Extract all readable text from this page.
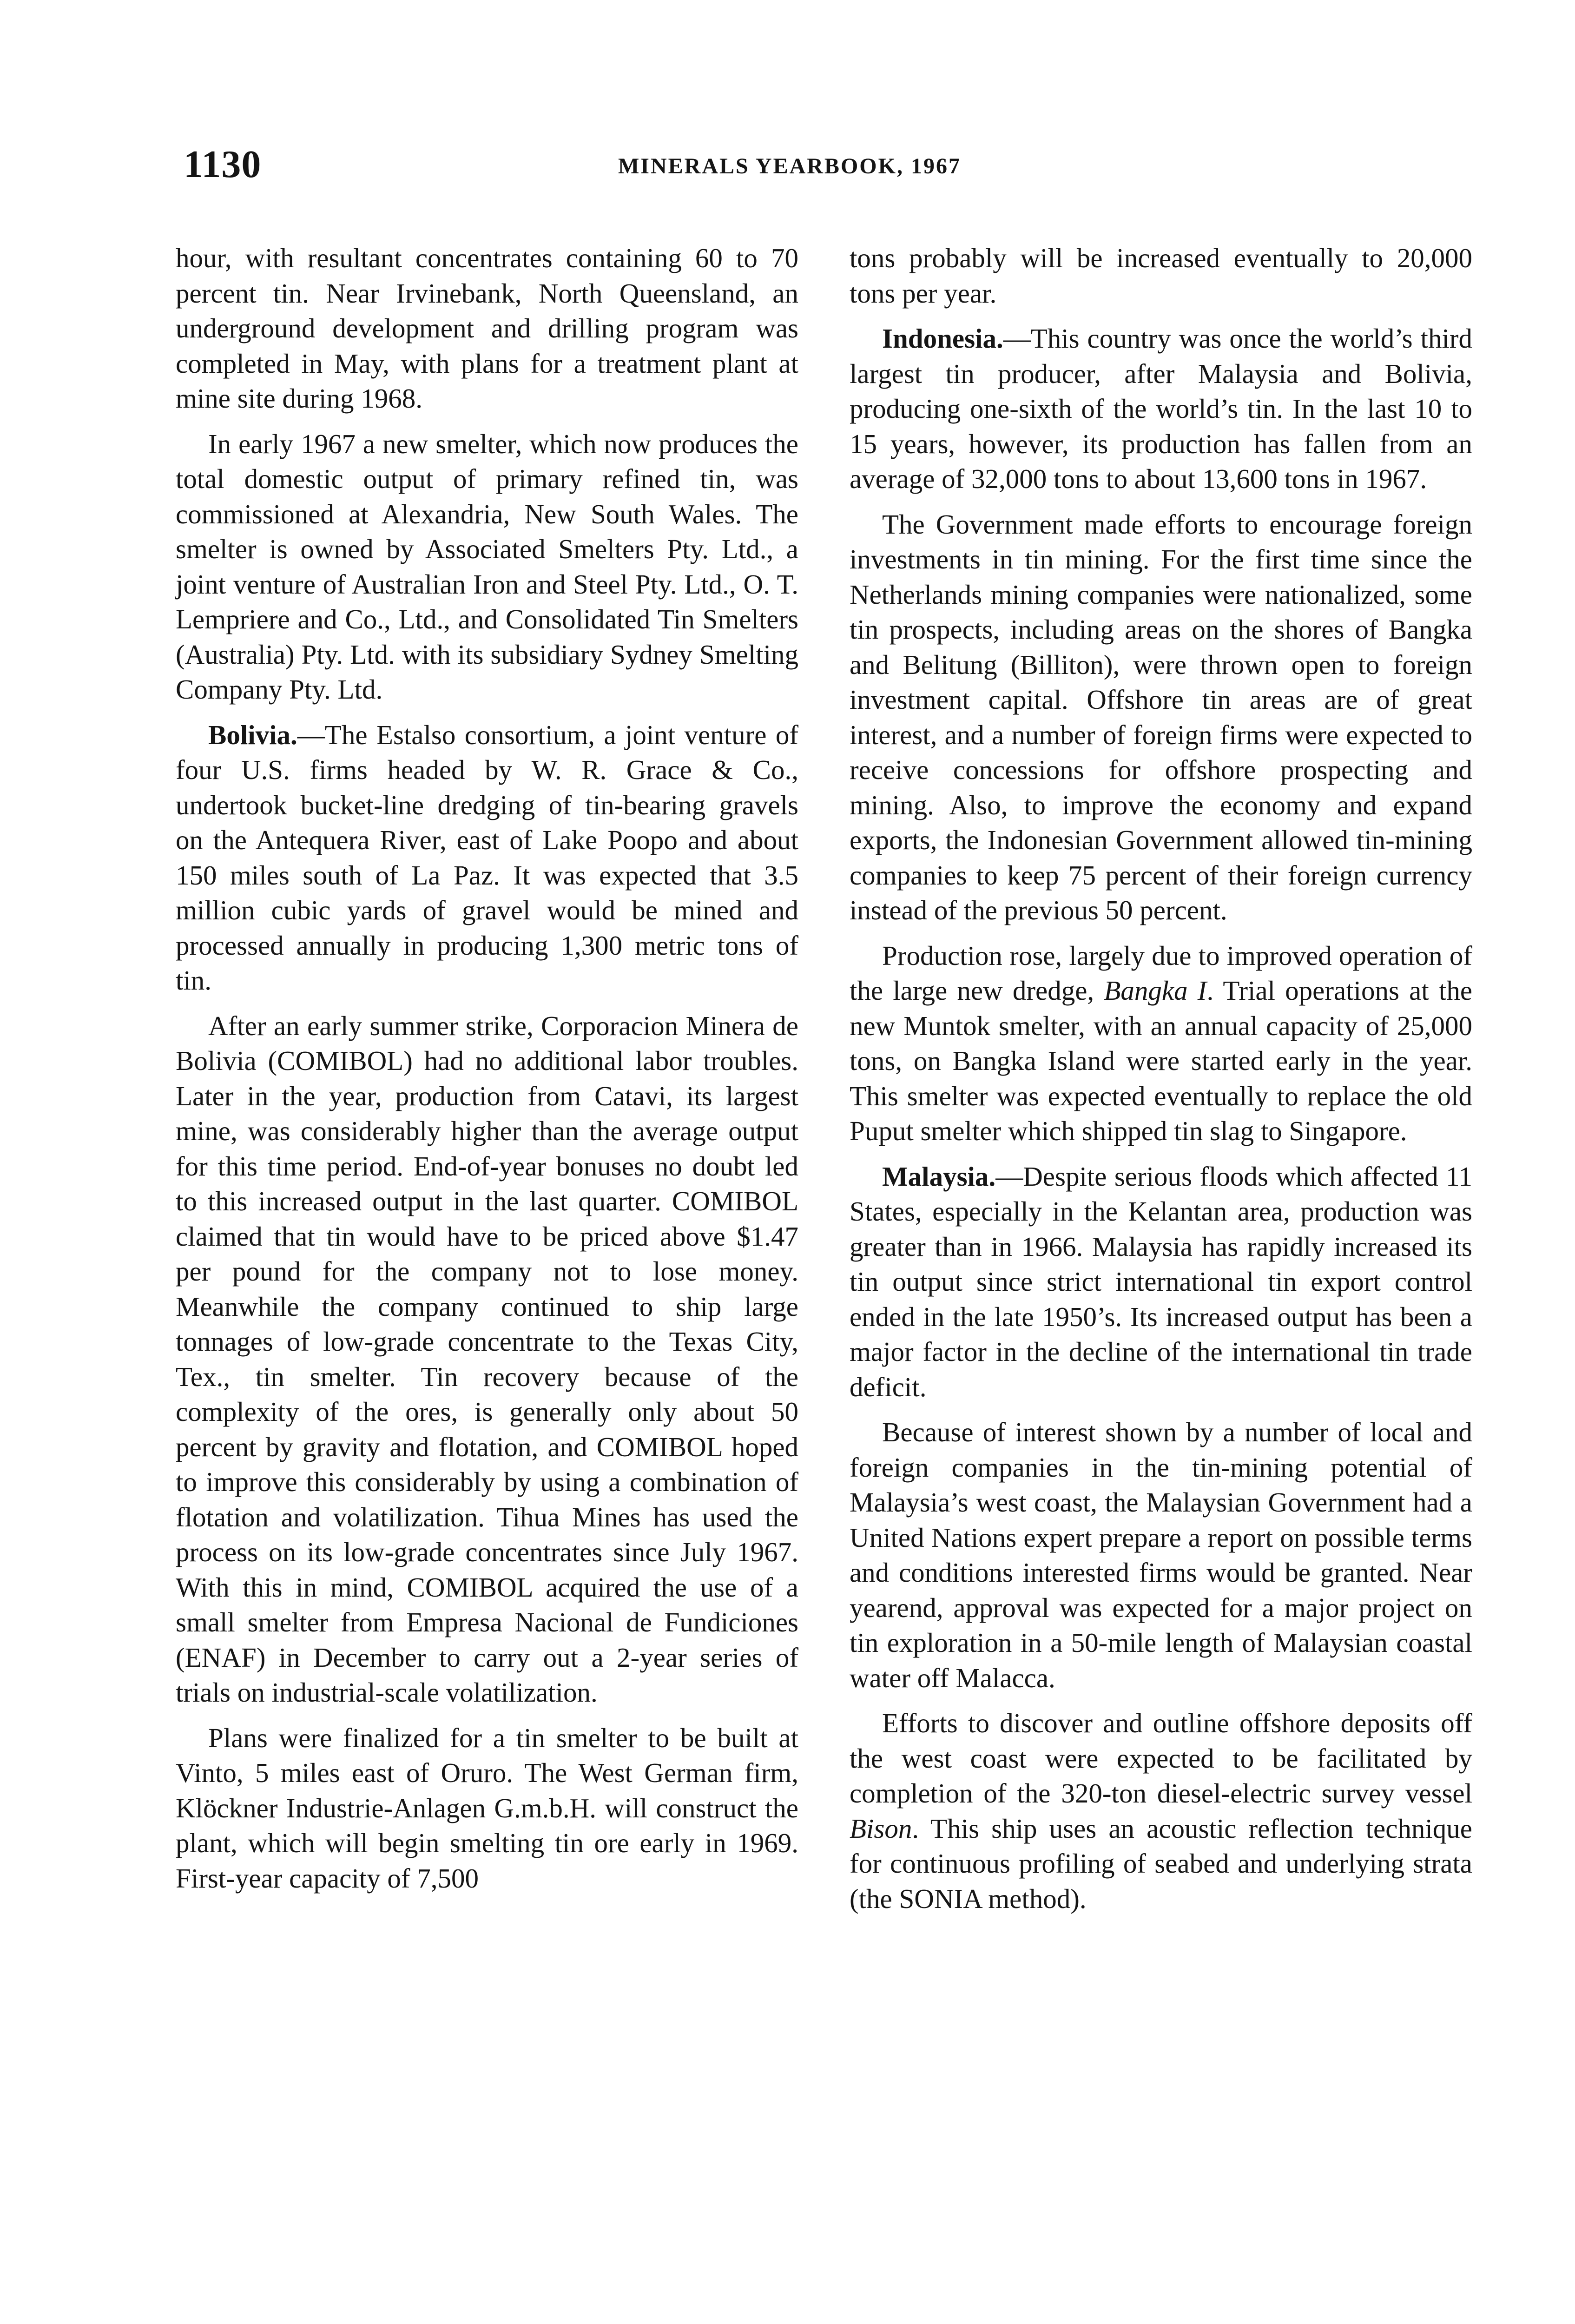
1130	MINERALS YEARBOOK, 1967

hour, with resultant concentrates containing 60 to 70 percent tin. Near Irvinebank, North Queensland, an underground development and drilling program was completed in May, with plans for a treatment plant at mine site during 1968.

In early 1967 a new smelter, which now produces the total domestic output of primary refined tin, was commissioned at Alexandria, New South Wales. The smelter is owned by Associated Smelters Pty. Ltd., a joint venture of Australian Iron and Steel Pty. Ltd., O. T. Lempriere and Co., Ltd., and Consolidated Tin Smelters (Australia) Pty. Ltd. with its subsidiary Sydney Smelting Company Pty. Ltd.

Bolivia.—The Estalso consortium, a joint venture of four U.S. firms headed by W. R. Grace & Co., undertook bucket-line dredging of tin-bearing gravels on the Antequera River, east of Lake Poopo and about 150 miles south of La Paz. It was expected that 3.5 million cubic yards of gravel would be mined and processed annually in producing 1,300 metric tons of tin.

After an early summer strike, Corporacion Minera de Bolivia (COMIBOL) had no additional labor troubles. Later in the year, production from Catavi, its largest mine, was considerably higher than the average output for this time period. End-of-year bonuses no doubt led to this increased output in the last quarter. COMIBOL claimed that tin would have to be priced above $1.47 per pound for the company not to lose money. Meanwhile the company continued to ship large tonnages of low-grade concentrate to the Texas City, Tex., tin smelter. Tin recovery because of the complexity of the ores, is generally only about 50 percent by gravity and flotation, and COMIBOL hoped to improve this considerably by using a combination of flotation and volatilization. Tihua Mines has used the process on its low-grade concentrates since July 1967. With this in mind, COMIBOL acquired the use of a small smelter from Empresa Nacional de Fundiciones (ENAF) in December to carry out a 2-year series of trials on industrial-scale volatilization.

Plans were finalized for a tin smelter to be built at Vinto, 5 miles east of Oruro. The West German firm, Klöckner Industrie-Anlagen G.m.b.H. will construct the plant, which will begin smelting tin ore early in 1969. First-year capacity of 7,500

tons probably will be increased eventually to 20,000 tons per year.

Indonesia.—This country was once the world’s third largest tin producer, after Malaysia and Bolivia, producing one-sixth of the world’s tin. In the last 10 to 15 years, however, its production has fallen from an average of 32,000 tons to about 13,600 tons in 1967.

The Government made efforts to encourage foreign investments in tin mining. For the first time since the Netherlands mining companies were nationalized, some tin prospects, including areas on the shores of Bangka and Belitung (Billiton), were thrown open to foreign investment capital. Offshore tin areas are of great interest, and a number of foreign firms were expected to receive concessions for offshore prospecting and mining. Also, to improve the economy and expand exports, the Indonesian Government allowed tin-mining companies to keep 75 percent of their foreign currency instead of the previous 50 percent.

Production rose, largely due to improved operation of the large new dredge, Bangka I. Trial operations at the new Muntok smelter, with an annual capacity of 25,000 tons, on Bangka Island were started early in the year. This smelter was expected eventually to replace the old Puput smelter which shipped tin slag to Singapore.

Malaysia.—Despite serious floods which affected 11 States, especially in the Kelantan area, production was greater than in 1966. Malaysia has rapidly increased its tin output since strict international tin export control ended in the late 1950’s. Its increased output has been a major factor in the decline of the international tin trade deficit.

Because of interest shown by a number of local and foreign companies in the tin-mining potential of Malaysia’s west coast, the Malaysian Government had a United Nations expert prepare a report on possible terms and conditions interested firms would be granted. Near yearend, approval was expected for a major project on tin exploration in a 50-mile length of Malaysian coastal water off Malacca.

Efforts to discover and outline offshore deposits off the west coast were expected to be facilitated by completion of the 320-ton diesel-electric survey vessel Bison. This ship uses an acoustic reflection technique for continuous profiling of seabed and underlying strata (the SONIA method).
